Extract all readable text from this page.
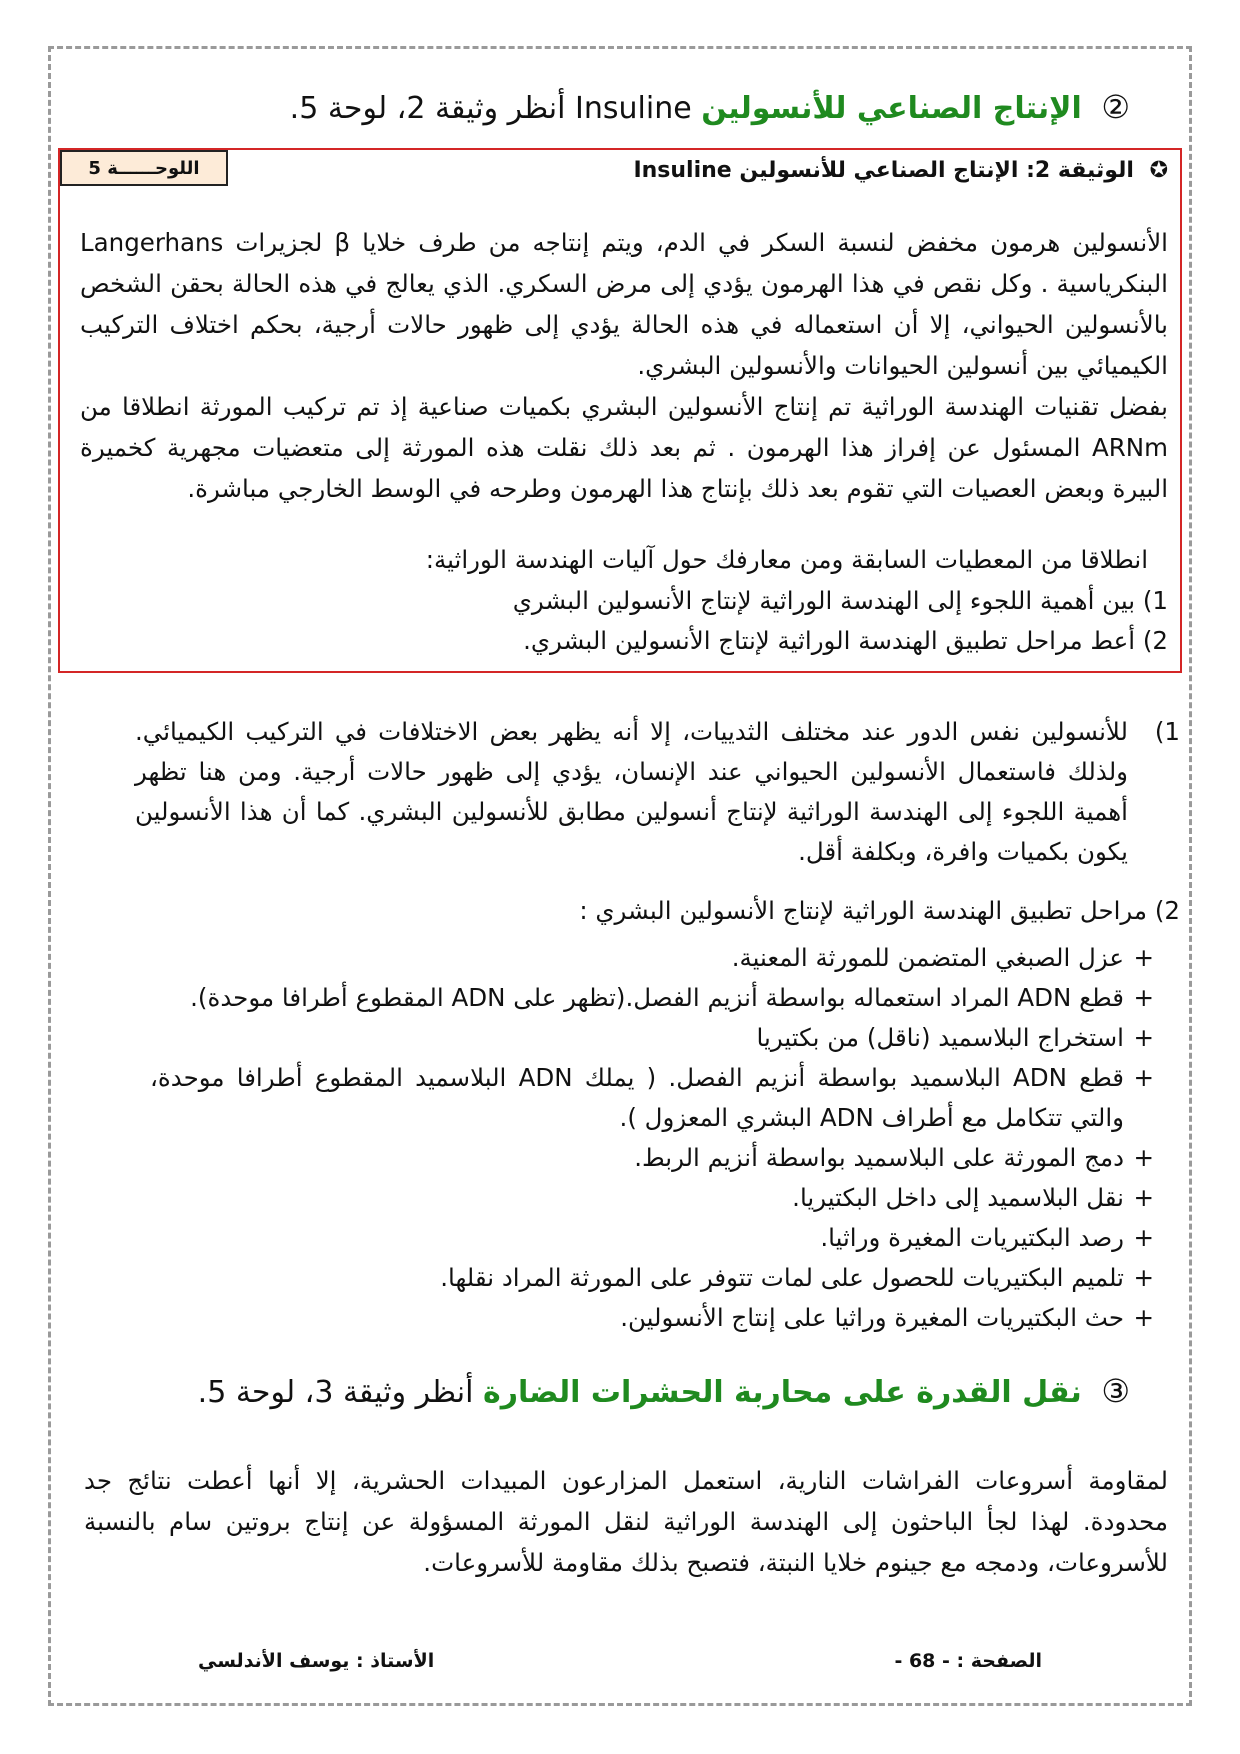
② الإنتاج الصناعي للأنسولين Insuline أنظر وثيقة 2، لوحة 5.
اللوحــــــة 5	✪ الوثيقة 2: الإنتاج الصناعي للأنسولين Insuline

الأنسولين هرمون مخفض لنسبة السكر في الدم، ويتم إنتاجه من طرف خلايا β لجزيرات Langerhans البنكرياسية . وكل نقص في هذا الهرمون يؤدي إلى مرض السكري. الذي يعالج في هذه الحالة بحقن الشخص بالأنسولين الحيواني، إلا أن استعماله في هذه الحالة يؤدي إلى ظهور حالات أرجية، بحكم اختلاف التركيب الكيميائي بين أنسولين الحيوانات والأنسولين البشري.

بفضل تقنيات الهندسة الوراثية تم إنتاج الأنسولين البشري بكميات صناعية إذ تم تركيب المورثة انطلاقا من ARNm المسئول عن إفراز هذا الهرمون . ثم بعد ذلك نقلت هذه المورثة إلى متعضيات مجهرية كخميرة البيرة وبعض العصيات التي تقوم بعد ذلك بإنتاج هذا الهرمون وطرحه في الوسط الخارجي مباشرة.

انطلاقا من المعطيات السابقة ومن معارفك حول آليات الهندسة الوراثية:
1) بين أهمية اللجوء إلى الهندسة الوراثية لإنتاج الأنسولين البشري
2) أعط مراحل تطبيق الهندسة الوراثية لإنتاج الأنسولين البشري.
1)
للأنسولين نفس الدور عند مختلف الثدييات، إلا أنه يظهر بعض الاختلافات في التركيب الكيميائي. ولذلك فاستعمال الأنسولين الحيواني عند الإنسان، يؤدي إلى ظهور حالات أرجية. ومن هنا تظهر أهمية اللجوء إلى الهندسة الوراثية لإنتاج أنسولين مطابق للأنسولين البشري. كما أن هذا الأنسولين يكون بكميات وافرة، وبكلفة أقل.
2) مراحل تطبيق الهندسة الوراثية لإنتاج الأنسولين البشري :
+ عزل الصبغي المتضمن للمورثة المعنية.
+ قطع ADN المراد استعماله بواسطة أنزيم الفصل.(تظهر على ADN المقطوع أطرافا موحدة).
+ استخراج البلاسميد (ناقل) من بكتيريا
+ قطع ADN البلاسميد بواسطة أنزيم الفصل. ( يملك ADN البلاسميد المقطوع أطرافا موحدة، والتي تتكامل مع أطراف ADN البشري المعزول ).
+ دمج المورثة على البلاسميد بواسطة أنزيم الربط.
+ نقل البلاسميد إلى داخل البكتيريا.
+ رصد البكتيريات المغيرة وراثيا.
+ تلميم البكتيريات للحصول على لمات تتوفر على المورثة المراد نقلها.
+ حث البكتيريات المغيرة وراثيا على إنتاج الأنسولين.
③ نقل القدرة على محاربة الحشرات الضارة أنظر وثيقة 3، لوحة 5.
لمقاومة أسروعات الفراشات النارية، استعمل المزارعون المبيدات الحشرية، إلا أنها أعطت نتائج جد محدودة. لهذا لجأ الباحثون إلى الهندسة الوراثية لنقل المورثة المسؤولة عن إنتاج بروتين سام بالنسبة للأسروعات، ودمجه مع جينوم خلايا النبتة، فتصبح بذلك مقاومة للأسروعات.
الصفحة : - 68 -
الأستاذ : يوسف الأندلسي
